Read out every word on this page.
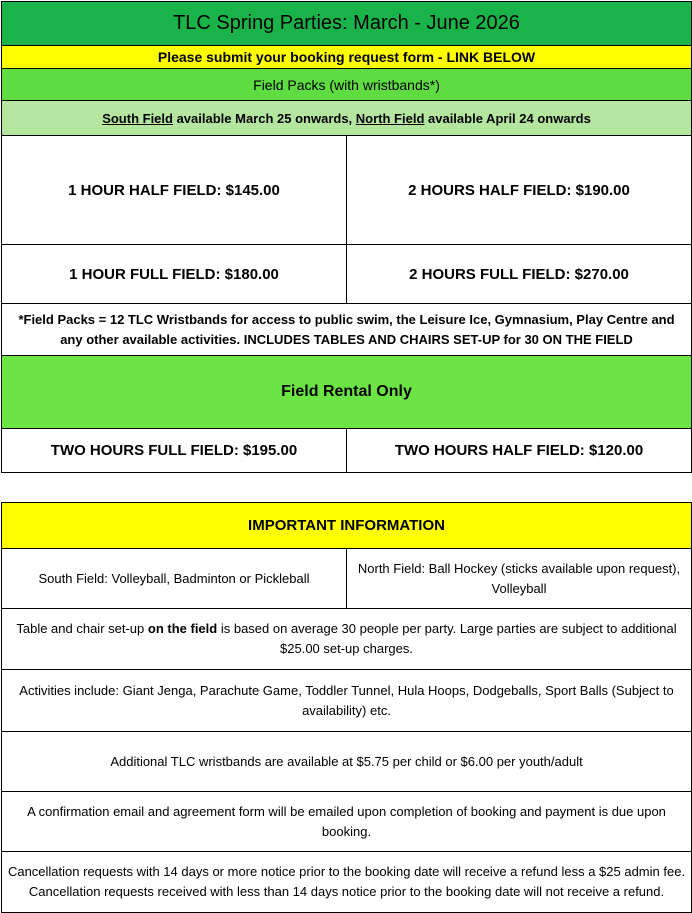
TLC Spring Parties: March - June 2026	
Please submit your booking request form - LINK BELOW	
Field Packs (with wristbands*)	
South Field available March 25 onwards, North Field available April 24 onwards	
1 HOUR HALF FIELD: $145.00	2 HOURS HALF FIELD: $190.00
1 HOUR FULL FIELD: $180.00	2 HOURS FULL FIELD: $270.00
*Field Packs = 12 TLC Wristbands for access to public swim, the Leisure Ice, Gymnasium, Play Centre and any other available activities. INCLUDES TABLES AND CHAIRS SET-UP for 30 ON THE FIELD	
Field Rental Only	
TWO HOURS FULL FIELD: $195.00	TWO HOURS HALF FIELD: $120.00
IMPORTANT INFORMATION
South Field: Volleyball, Badminton or Pickleball	North Field: Ball Hockey (sticks available upon request), Volleyball
Table and chair set-up on the field is based on average 30 people per party. Large parties are subject to additional $25.00 set-up charges.
Activities include: Giant Jenga, Parachute Game, Toddler Tunnel, Hula Hoops, Dodgeballs, Sport Balls (Subject to availability) etc.
Additional TLC wristbands are available at $5.75 per child or $6.00 per youth/adult
A confirmation email and agreement form will be emailed upon completion of booking and payment is due upon booking.
Cancellation requests with 14 days or more notice prior to the booking date will receive a refund less a $25 admin fee. Cancellation requests received with less than 14 days notice prior to the booking date will not receive a refund.
